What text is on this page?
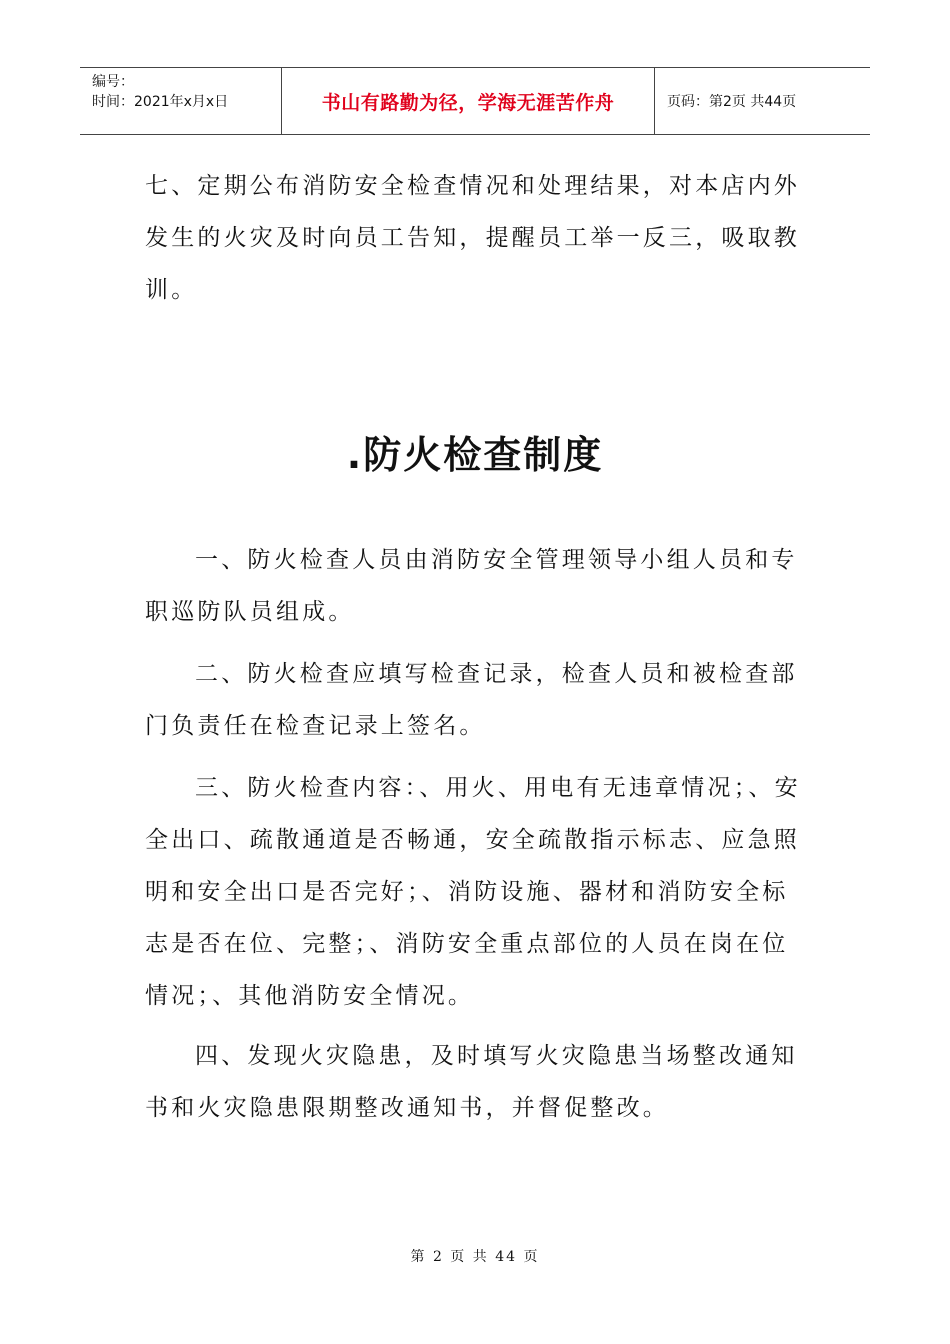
编号：
时间：2021年x月x日	书山有路勤为径，学海无涯苦作舟	页码：第2页 共44页

七、定期公布消防安全检查情况和处理结果，对本店内外发生的火灾及时向员工告知，提醒员工举一反三，吸取教训。

.防火检查制度

一、防火检查人员由消防安全管理领导小组人员和专职巡防队员组成。

二、防火检查应填写检查记录，检查人员和被检查部门负责任在检查记录上签名。

三、防火检查内容：、用火、用电有无违章情况；、安全出口、疏散通道是否畅通，安全疏散指示标志、应急照明和安全出口是否完好；、消防设施、器材和消防安全标志是否在位、完整；、消防安全重点部位的人员在岗在位情况；、其他消防安全情况。

四、发现火灾隐患，及时填写火灾隐患当场整改通知书和火灾隐患限期整改通知书，并督促整改。

第 2 页 共 44 页
